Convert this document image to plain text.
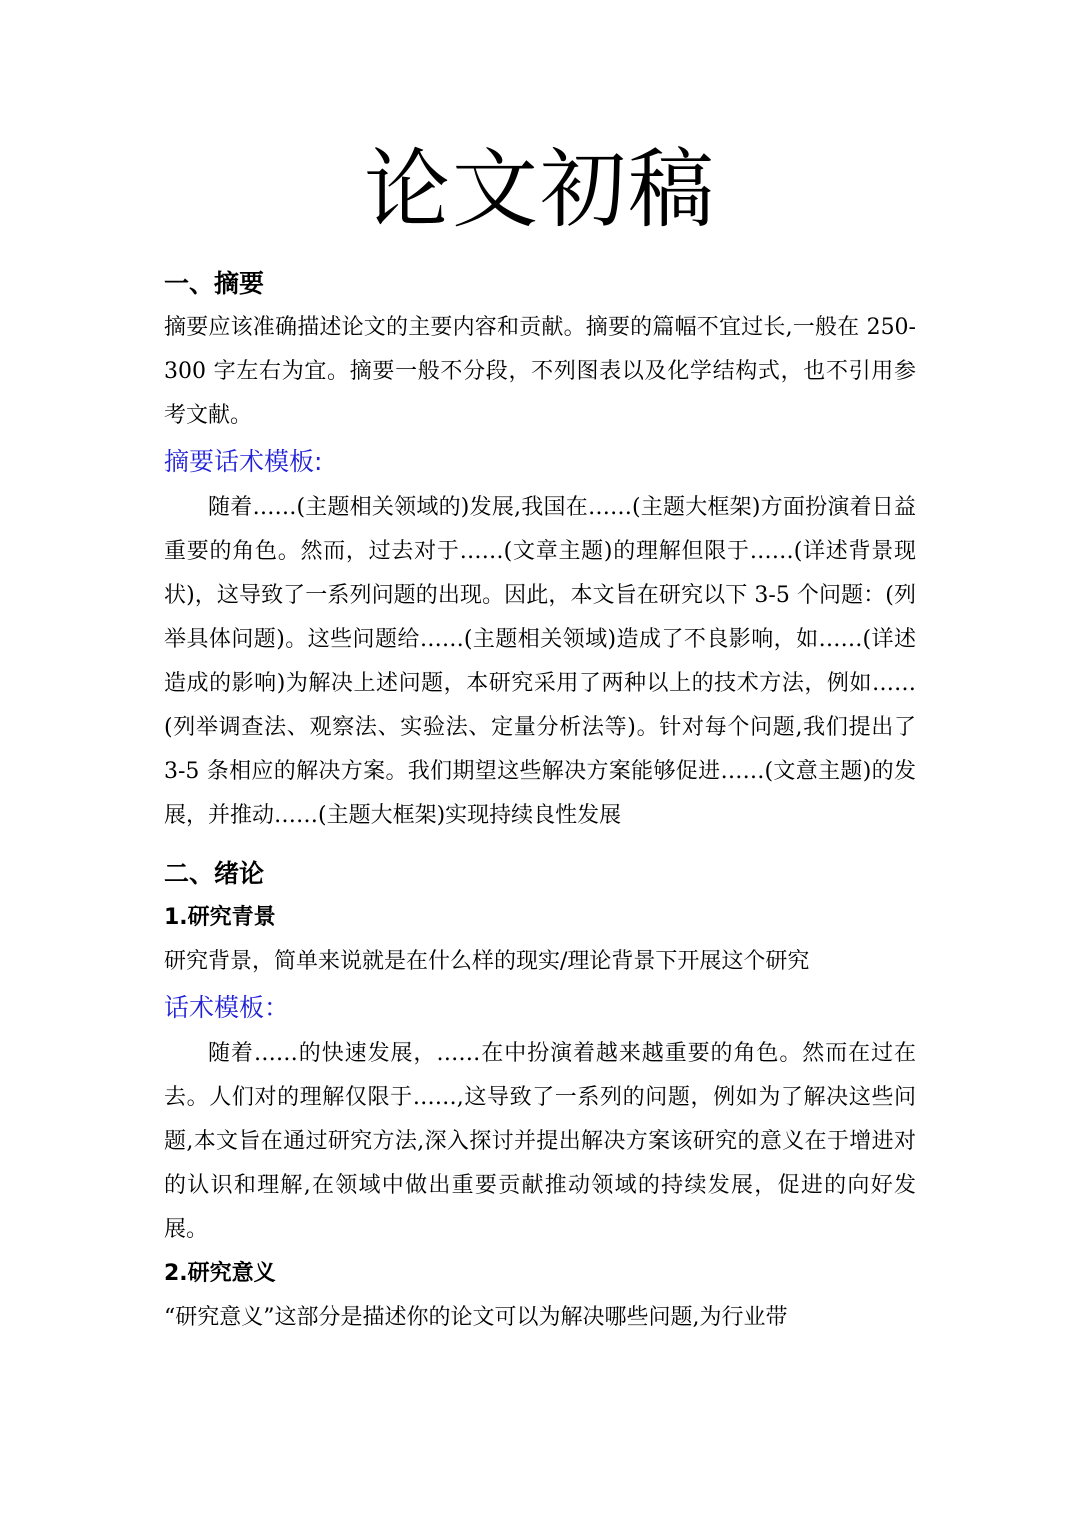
论文初稿

一、摘要

摘要应该准确描述论文的主要内容和贡献。摘要的篇幅不宜过长,一般在 250-300 字左右为宜。摘要一般不分段，不列图表以及化学结构式，也不引用参考文献。

摘要话术模板:

随着……(主题相关领域的)发展,我国在……(主题大框架)方面扮演着日益重要的角色。然而，过去对于……(文章主题)的理解但限于……(详述背景现状)，这导致了一系列问题的出现。因此，本文旨在研究以下 3-5 个问题：(列举具体问题)。这些问题给……(主题相关领域)造成了不良影响，如……(详述造成的影响)为解决上述问题，本研究采用了两种以上的技术方法，例如……(列举调查法、观察法、实验法、定量分析法等)。针对每个问题,我们提出了 3-5 条相应的解决方案。我们期望这些解决方案能够促进……(文意主题)的发展，并推动……(主题大框架)实现持续良性发展

二、绪论

1.研究青景

研究背景，简单来说就是在什么样的现实/理论背景下开展这个研究

话术模板：

随着……的快速发展，……在中扮演着越来越重要的角色。然而在过在去。人们对的理解仅限于……,这导致了一系列的问题，例如为了解决这些问题,本文旨在通过研究方法,深入探讨并提出解决方案该研究的意义在于增进对的认识和理解,在领域中做出重要贡献推动领域的持续发展，促进的向好发展。

2.研究意义

“研究意义”这部分是描述你的论文可以为解决哪些问题,为行业带
